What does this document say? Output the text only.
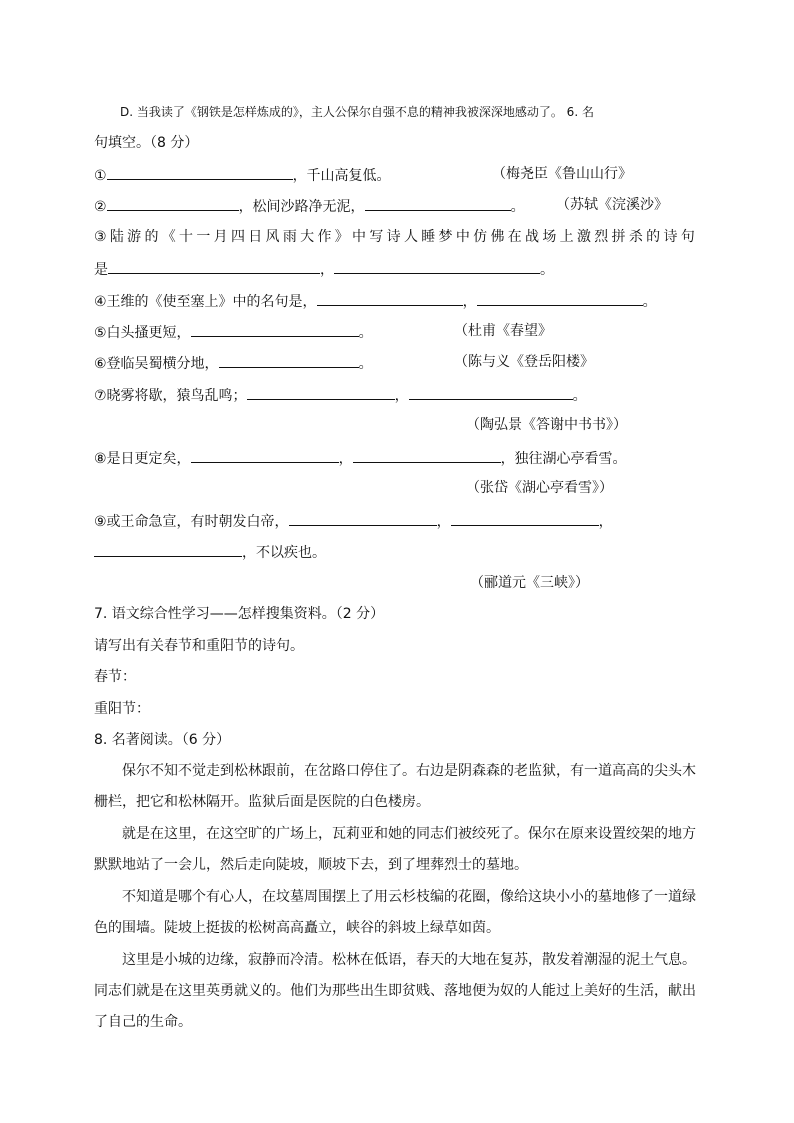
D. 当我读了《钢铁是怎样炼成的》，主人公保尔自强不息的精神我被深深地感动了。 6. 名
句填空。（8 分）
①	，千山高复低。	（梅尧臣《鲁山山行》
②	，松间沙路净无泥，	。 （苏轼《浣溪沙》
③陆游的《十一月四日风雨大作》中写诗人睡梦中仿佛在战场上激烈拼杀的诗句
是	，	。
④王维的《使至塞上》中的名句是，	，	。
⑤白头搔更短，	。	（杜甫《春望》
⑥登临吴蜀横分地，	。	（陈与义《登岳阳楼》
⑦晓雾将歇，猿鸟乱鸣；	，	。
（陶弘景《答谢中书书》）
⑧是日更定矣，	，	，独往湖心亭看雪。
（张岱《湖心亭看雪》）
⑨或王命急宣，有时朝发白帝，	，	，
，不以疾也。
（郦道元《三峡》）
7. 语文综合性学习——怎样搜集资料。（2 分）
请写出有关春节和重阳节的诗句。
春节：
重阳节：
8. 名著阅读。（6 分）
保尔不知不觉走到松林跟前，在岔路口停住了。右边是阴森森的老监狱，有一道高高的尖头木栅栏，把它和松林隔开。监狱后面是医院的白色楼房。
就是在这里，在这空旷的广场上，瓦莉亚和她的同志们被绞死了。保尔在原来设置绞架的地方默默地站了一会儿，然后走向陡坡，顺坡下去，到了埋葬烈士的墓地。
不知道是哪个有心人，在坟墓周围摆上了用云杉枝编的花圈，像给这块小小的墓地修了一道绿色的围墙。陡坡上挺拔的松树高高矗立，峡谷的斜坡上绿草如茵。
这里是小城的边缘，寂静而冷清。松林在低语，春天的大地在复苏，散发着潮湿的泥土气息。同志们就是在这里英勇就义的。他们为那些出生即贫贱、落地便为奴的人能过上美好的生活，献出了自己的生命。
